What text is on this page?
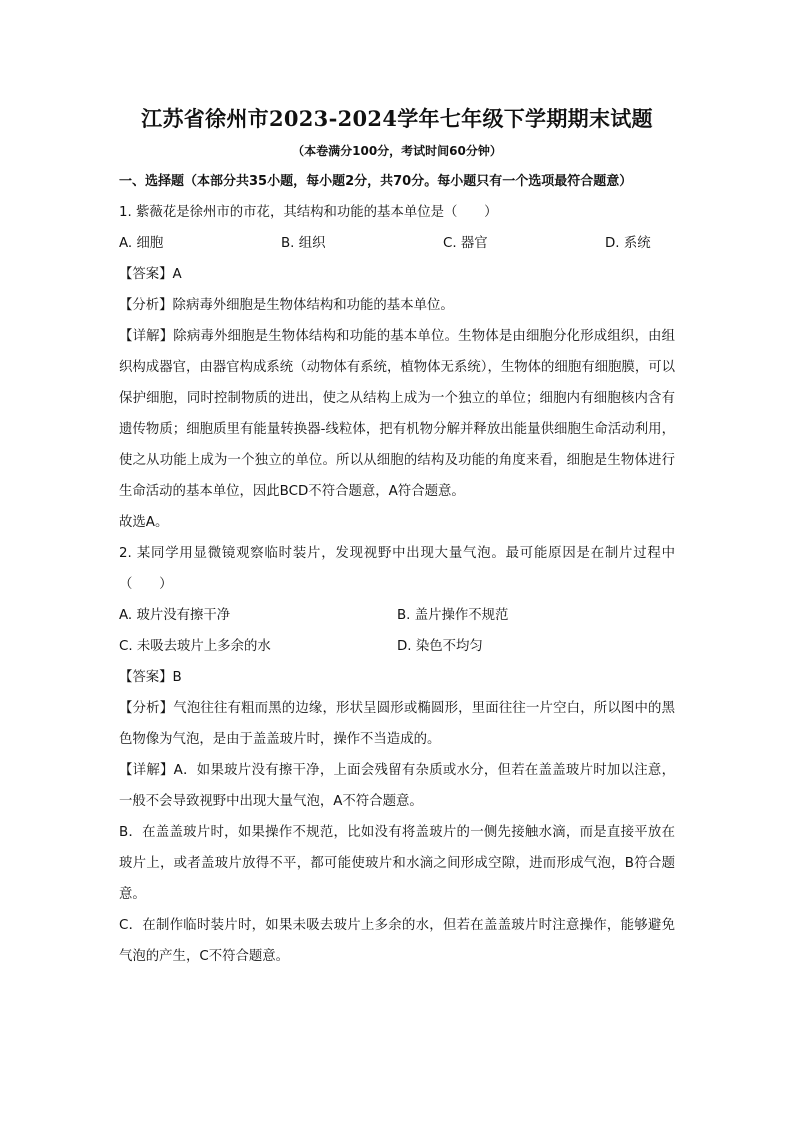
江苏省徐州市2023-2024学年七年级下学期期末试题
（本卷满分100分，考试时间60分钟）
一、选择题（本部分共35小题，每小题2分，共70分。每小题只有一个选项最符合题意）
1. 紫薇花是徐州市的市花，其结构和功能的基本单位是（　　）
A. 细胞	B. 组织	C. 器官	D. 系统
【答案】A
【分析】除病毒外细胞是生物体结构和功能的基本单位。
【详解】除病毒外细胞是生物体结构和功能的基本单位。生物体是由细胞分化形成组织，由组织构成器官，由器官构成系统（动物体有系统，植物体无系统），生物体的细胞有细胞膜，可以保护细胞，同时控制物质的进出，使之从结构上成为一个独立的单位；细胞内有细胞核内含有遗传物质；细胞质里有能量转换器-线粒体，把有机物分解并释放出能量供细胞生命活动利用，使之从功能上成为一个独立的单位。所以从细胞的结构及功能的角度来看，细胞是生物体进行生命活动的基本单位，因此BCD不符合题意，A符合题意。
故选A。
2. 某同学用显微镜观察临时装片，发现视野中出现大量气泡。最可能原因是在制片过程中（　　）
A. 玻片没有擦干净	B. 盖片操作不规范
C. 未吸去玻片上多余的水	D. 染色不均匀
【答案】B
【分析】气泡往往有粗而黑的边缘，形状呈圆形或椭圆形，里面往往一片空白，所以图中的黑色物像为气泡，是由于盖盖玻片时，操作不当造成的。
【详解】A．如果玻片没有擦干净，上面会残留有杂质或水分，但若在盖盖玻片时加以注意，一般不会导致视野中出现大量气泡，A不符合题意。
B．在盖盖玻片时，如果操作不规范，比如没有将盖玻片的一侧先接触水滴，而是直接平放在玻片上，或者盖玻片放得不平，都可能使玻片和水滴之间形成空隙，进而形成气泡，B符合题意。
C．在制作临时装片时，如果未吸去玻片上多余的水，但若在盖盖玻片时注意操作，能够避免气泡的产生，C不符合题意。
